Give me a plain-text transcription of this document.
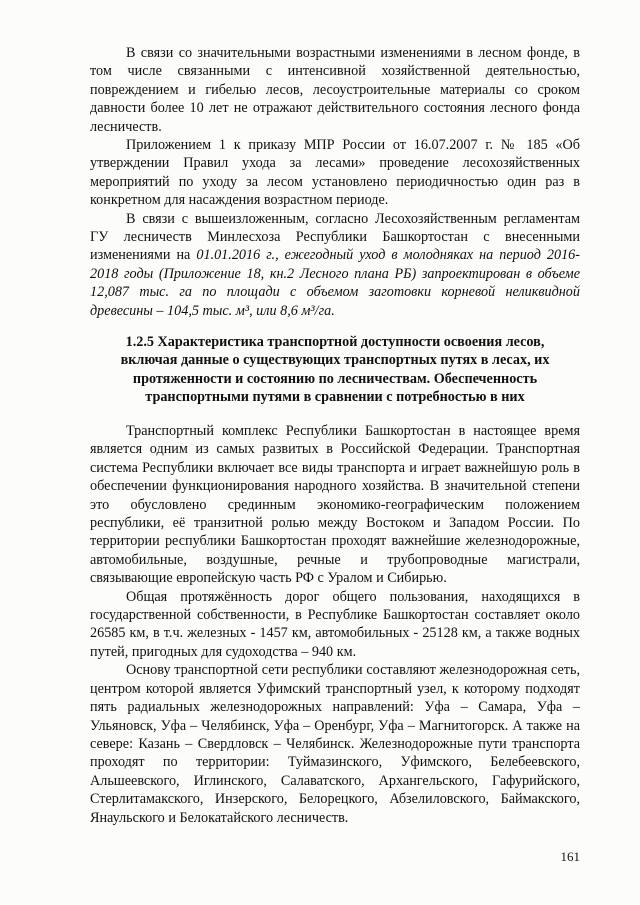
В связи со значительными возрастными изменениями в лесном фонде, в том числе связанными с интенсивной хозяйственной деятельностью, повреждением и гибелью лесов, лесоустроительные материалы со сроком давности более 10 лет не отражают действительного состояния лесного фонда лесничеств.

Приложением 1 к приказу МПР России от 16.07.2007 г. № 185 «Об утверждении Правил ухода за лесами» проведение лесохозяйственных мероприятий по уходу за лесом установлено периодичностью один раз в конкретном для насаждения возрастном периоде.

В связи с вышеизложенным, согласно Лесохозяйственным регламентам ГУ лесничеств Минлесхоза Республики Башкортостан с внесенными изменениями на 01.01.2016 г., ежегодный уход в молодняках на период 2016-2018 годы (Приложение 18, кн.2 Лесного плана РБ) запроектирован в объеме 12,087 тыс. га по площади с объемом заготовки корневой неликвидной древесины – 104,5 тыс. м³, или 8,6 м³/га.

1.2.5 Характеристика транспортной доступности освоения лесов, включая данные о существующих транспортных путях в лесах, их протяженности и состоянию по лесничествам. Обеспеченность транспортными путями в сравнении с потребностью в них

Транспортный комплекс Республики Башкортостан в настоящее время является одним из самых развитых в Российской Федерации. Транспортная система Республики включает все виды транспорта и играет важнейшую роль в обеспечении функционирования народного хозяйства. В значительной степени это обусловлено срединным экономико-географическим положением республики, её транзитной ролью между Востоком и Западом России. По территории республики Башкортостан проходят важнейшие железнодорожные, автомобильные, воздушные, речные и трубопроводные магистрали, связывающие европейскую часть РФ с Уралом и Сибирью.

Общая протяжённость дорог общего пользования, находящихся в государственной собственности, в Республике Башкортостан составляет около 26585 км, в т.ч. железных - 1457 км, автомобильных - 25128 км, а также водных путей, пригодных для судоходства – 940 км.

Основу транспортной сети республики составляют железнодорожная сеть, центром которой является Уфимский транспортный узел, к которому подходят пять радиальных железнодорожных направлений: Уфа – Самара, Уфа – Ульяновск, Уфа – Челябинск, Уфа – Оренбург, Уфа – Магнитогорск. А также на севере: Казань – Свердловск – Челябинск. Железнодорожные пути транспорта проходят по территории: Туймазинского, Уфимского, Белебеевского, Альшеевского, Иглинского, Салаватского, Архангельского, Гафурийского, Стерлитамакского, Инзерского, Белорецкого, Абзелиловского, Баймакского, Янаульского и Белокатайского лесничеств.

161
